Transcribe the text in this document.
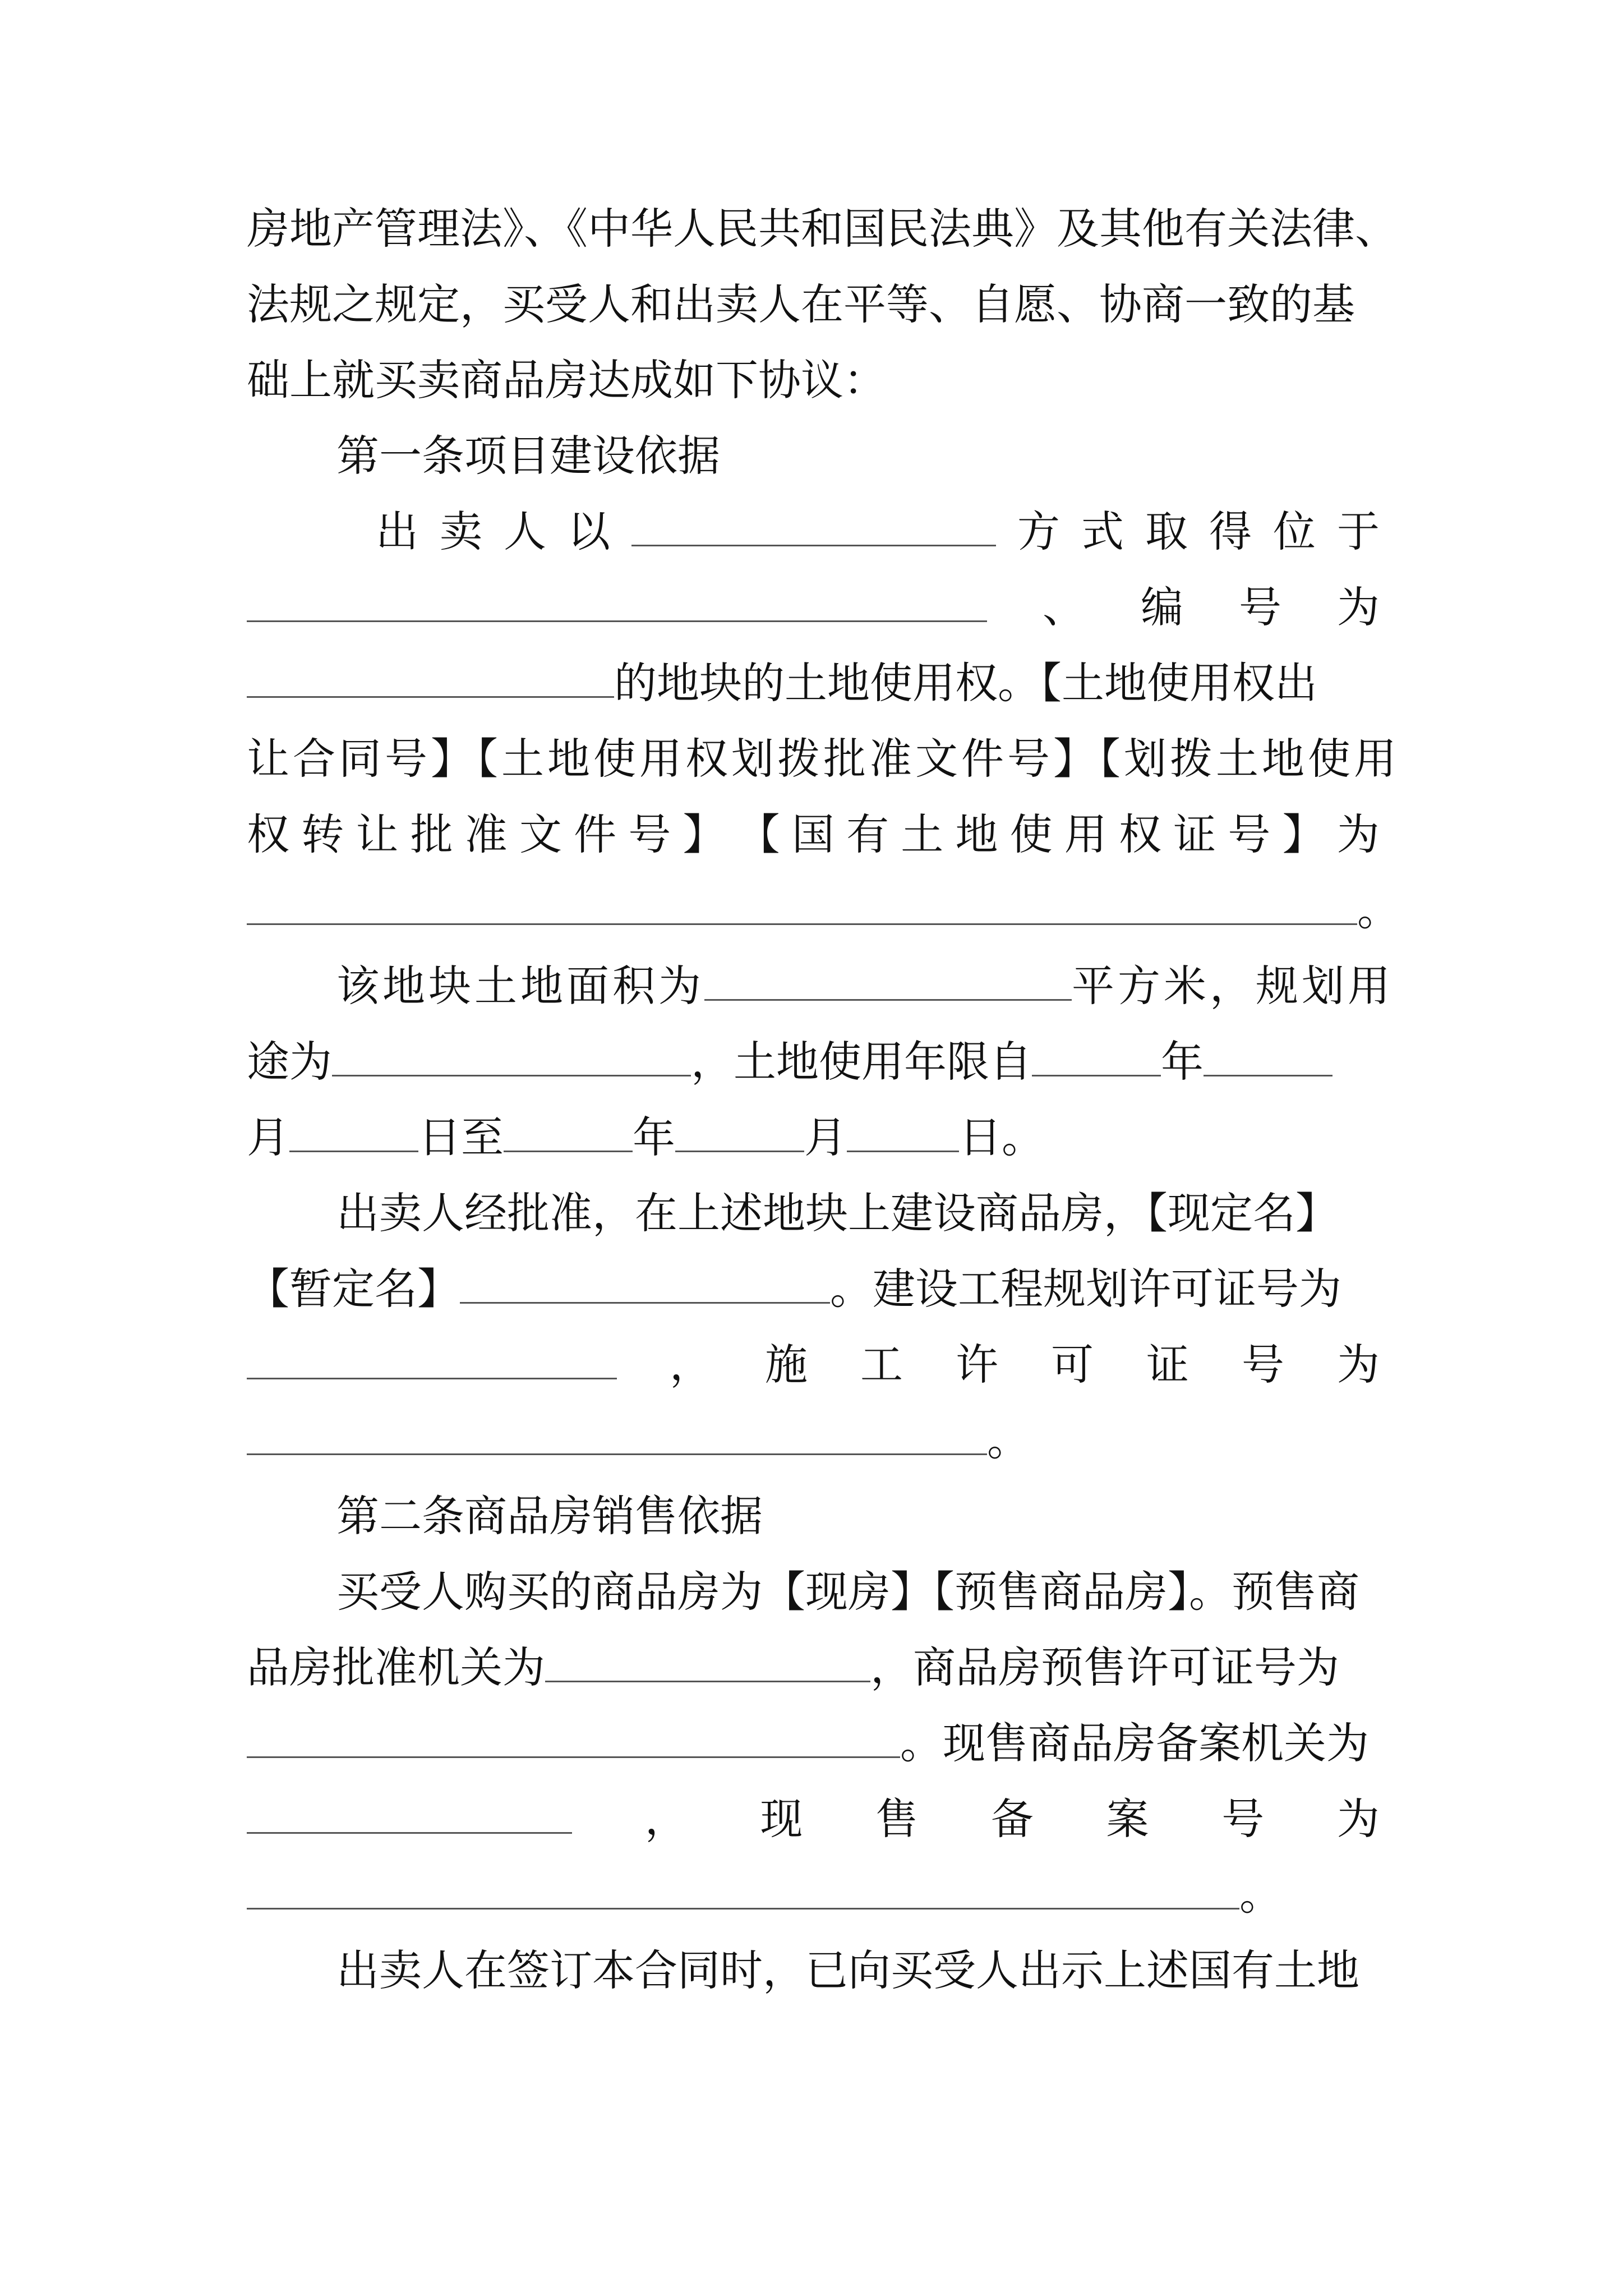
房地产管理法》、《中华人民共和国民法典》及其他有关法律、
法规之规定，买受人和出卖人在平等、自愿、协商一致的基
础上就买卖商品房达成如下协议：
第一条项目建设依据
出 卖 人 以	方 式 取 得 位 于
、 编 号 为
的地块的土地使用权。【土地使用权出
让合同号】【土地使用权划拨批准文件号】【划拨土地使用
权 转 让 批 准 文 件 号 】 【 国 有 土 地 使 用 权 证 号 】 为
。
该地块土地面积为	平方米，规划用
途为	，土地使用年限自	年
月	日至	年	月	日。
出卖人经批准，在上述地块上建设商品房，【现定名】
【暂定名】	。建设工程规划许可证号为
， 施 工 许 可 证 号 为
。
第二条商品房销售依据
买受人购买的商品房为【现房】【预售商品房】。预售商
品房批准机关为	，商品房预售许可证号为
。现售商品房备案机关为
， 现 售 备 案 号 为
。
出卖人在签订本合同时，已向买受人出示上述国有土地
